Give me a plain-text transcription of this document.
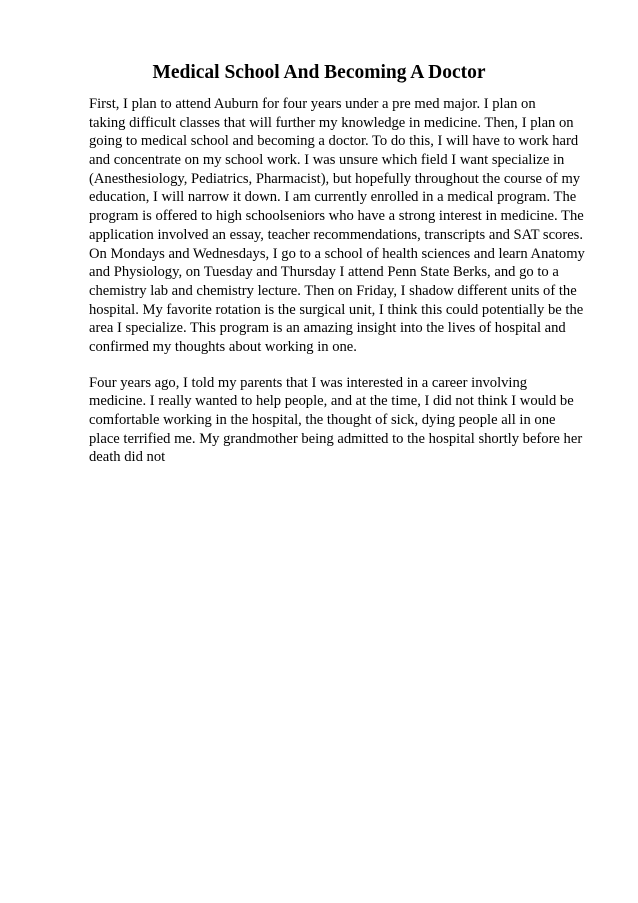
Medical School And Becoming A Doctor
First, I plan to attend Auburn for four years under a pre med major. I plan on
taking difficult classes that will further my knowledge in medicine. Then, I plan on
going to medical school and becoming a doctor. To do this, I will have to work hard
and concentrate on my school work. I was unsure which field I want specialize in
(Anesthesiology, Pediatrics, Pharmacist), but hopefully throughout the course of my
education, I will narrow it down. I am currently enrolled in a medical program. The
program is offered to high schoolseniors who have a strong interest in medicine. The
application involved an essay, teacher recommendations, transcripts and SAT scores.
On Mondays and Wednesdays, I go to a school of health sciences and learn Anatomy
and Physiology, on Tuesday and Thursday I attend Penn State Berks, and go to a
chemistry lab and chemistry lecture. Then on Friday, I shadow different units of the
hospital. My favorite rotation is the surgical unit, I think this could potentially be the
area I specialize. This program is an amazing insight into the lives of hospital and
confirmed my thoughts about working in one.
Four years ago, I told my parents that I was interested in a career involving
medicine. I really wanted to help people, and at the time, I did not think I would be
comfortable working in the hospital, the thought of sick, dying people all in one
place terrified me. My grandmother being admitted to the hospital shortly before her
death did not
